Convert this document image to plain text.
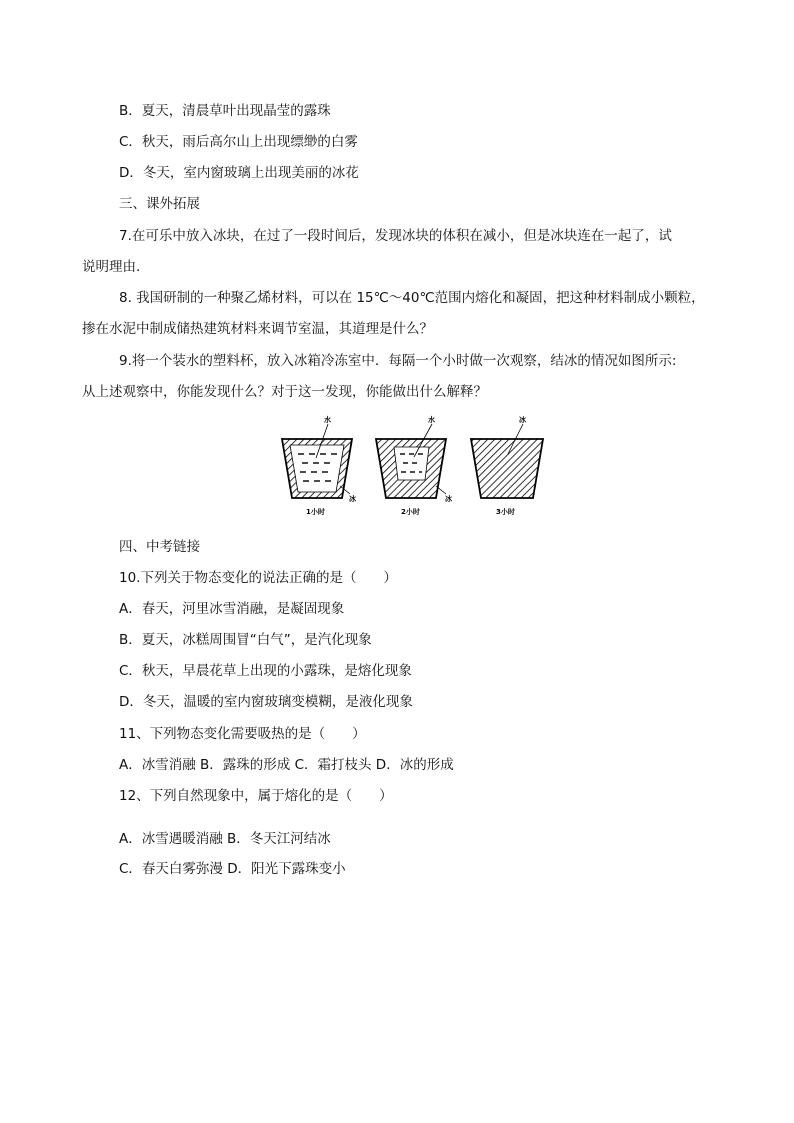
B．夏天，清晨草叶出现晶莹的露珠
C．秋天，雨后高尔山上出现缥缈的白雾
D．冬天，室内窗玻璃上出现美丽的冰花
三、课外拓展
7.在可乐中放入冰块，在过了一段时间后，发现冰块的体积在减小，但是冰块连在一起了，试
说明理由.
8. 我国研制的一种聚乙烯材料，可以在 15℃～40℃范围内熔化和凝固，把这种材料制成小颗粒，
掺在水泥中制成储热建筑材料来调节室温，其道理是什么？
9.将一个装水的塑料杯，放入冰箱冷冻室中．每隔一个小时做一次观察，结冰的情况如图所示:
从上述观察中，你能发现什么？对于这一发现，你能做出什么解释？
水
冰
1小时
水
冰
2小时
冰
3小时
四、中考链接
10.下列关于物态变化的说法正确的是（　　）
A．春天，河里冰雪消融，是凝固现象
B．夏天，冰糕周围冒“白气”，是汽化现象
C．秋天，早晨花草上出现的小露珠，是熔化现象
D．冬天，温暖的室内窗玻璃变模糊，是液化现象
11、下列物态变化需要吸热的是（　　）
A．冰雪消融 B．露珠的形成 C．霜打枝头 D．冰的形成
12、下列自然现象中，属于熔化的是（　　）
A．冰雪遇暖消融 B．冬天江河结冰
C．春天白雾弥漫 D．阳光下露珠变小
